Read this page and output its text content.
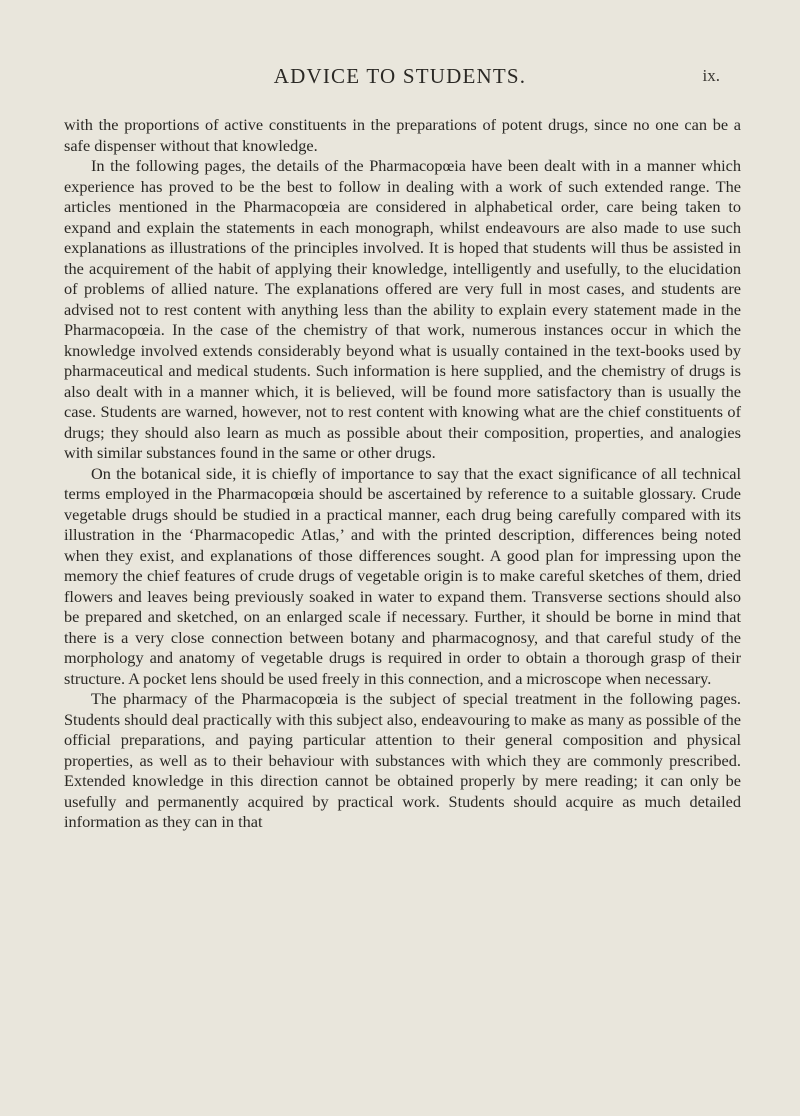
ADVICE TO STUDENTS.	ix.

with the proportions of active constituents in the preparations of potent drugs, since no one can be a safe dispenser without that knowledge.

In the following pages, the details of the Pharmacopœia have been dealt with in a manner which experience has proved to be the best to follow in dealing with a work of such extended range. The articles mentioned in the Pharmacopœia are considered in alphabetical order, care being taken to expand and explain the statements in each monograph, whilst endeavours are also made to use such explanations as illustrations of the principles involved. It is hoped that students will thus be assisted in the acquirement of the habit of applying their knowledge, intelligently and usefully, to the elucidation of problems of allied nature. The explanations offered are very full in most cases, and students are advised not to rest content with anything less than the ability to explain every statement made in the Pharmacopœia. In the case of the chemistry of that work, numerous instances occur in which the knowledge involved extends considerably beyond what is usually contained in the text-books used by pharmaceutical and medical students. Such information is here supplied, and the chemistry of drugs is also dealt with in a manner which, it is believed, will be found more satisfactory than is usually the case. Students are warned, however, not to rest content with knowing what are the chief constituents of drugs; they should also learn as much as possible about their composition, properties, and analogies with similar substances found in the same or other drugs.

On the botanical side, it is chiefly of importance to say that the exact significance of all technical terms employed in the Pharmacopœia should be ascertained by reference to a suitable glossary. Crude vegetable drugs should be studied in a practical manner, each drug being carefully compared with its illustration in the ‘Pharmacopedic Atlas,’ and with the printed description, differences being noted when they exist, and explanations of those differences sought. A good plan for impressing upon the memory the chief features of crude drugs of vegetable origin is to make careful sketches of them, dried flowers and leaves being previously soaked in water to expand them. Transverse sections should also be prepared and sketched, on an enlarged scale if necessary. Further, it should be borne in mind that there is a very close connection between botany and pharmacognosy, and that careful study of the morphology and anatomy of vegetable drugs is required in order to obtain a thorough grasp of their structure. A pocket lens should be used freely in this connection, and a microscope when necessary.

The pharmacy of the Pharmacopœia is the subject of special treatment in the following pages. Students should deal practically with this subject also, endeavouring to make as many as possible of the official preparations, and paying particular attention to their general composition and physical properties, as well as to their behaviour with substances with which they are commonly prescribed. Extended knowledge in this direction cannot be obtained properly by mere reading; it can only be usefully and permanently acquired by practical work. Students should acquire as much detailed information as they can in that
